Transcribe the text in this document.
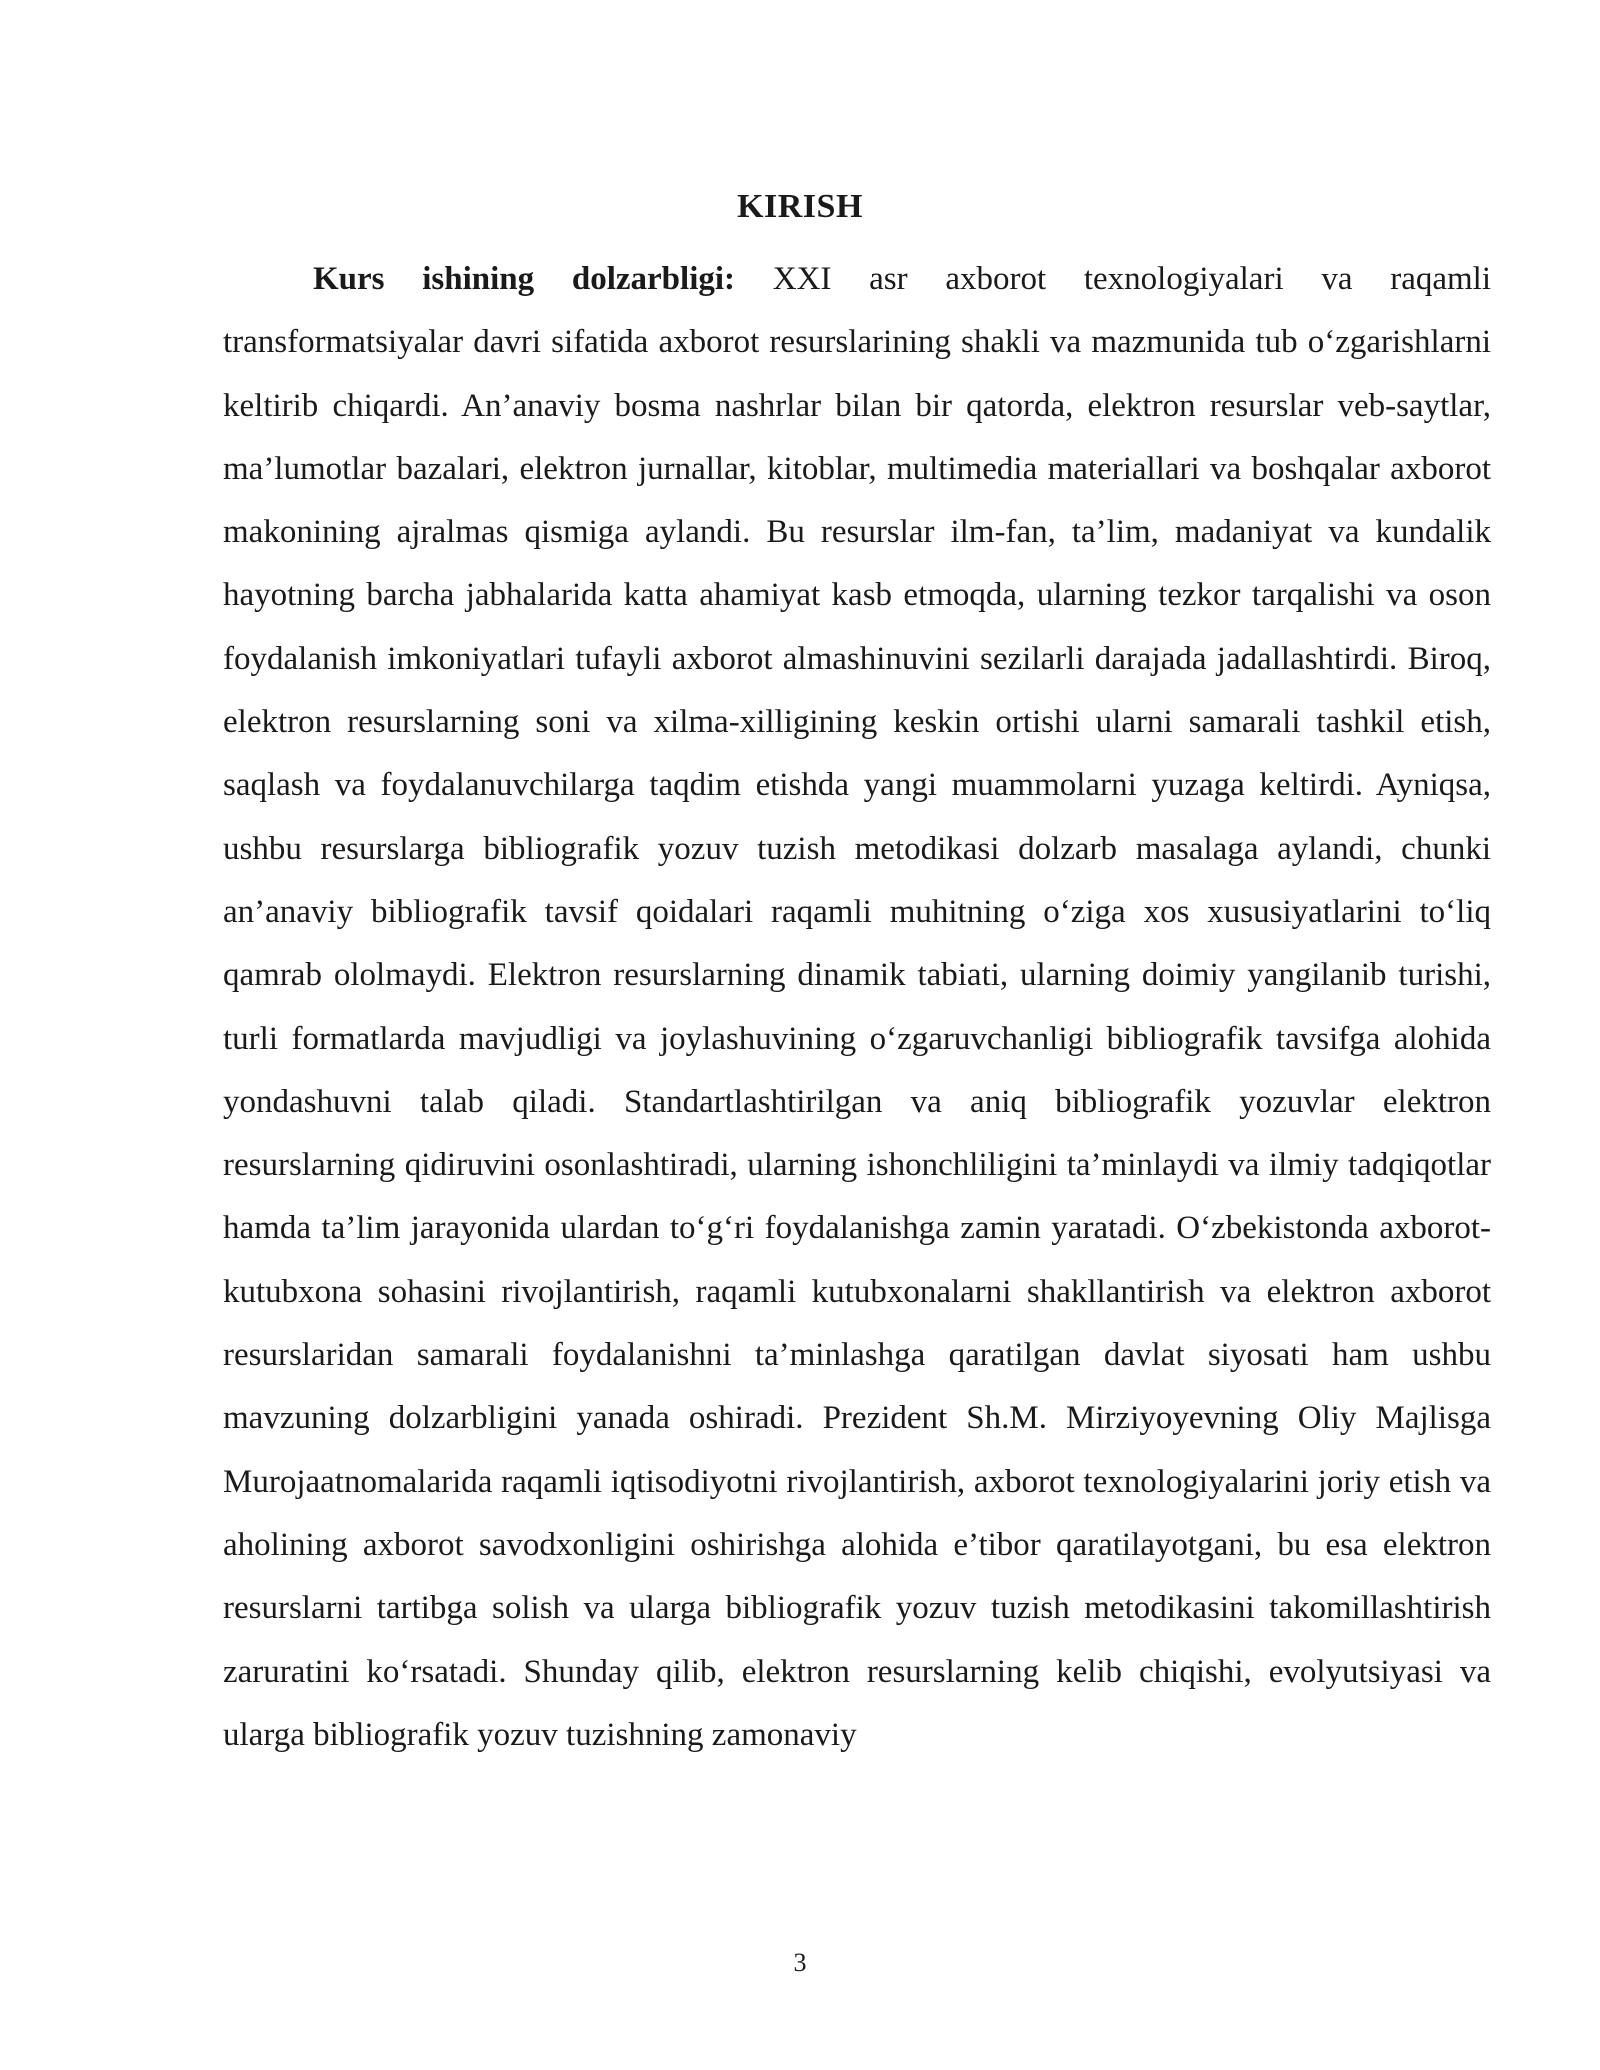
KIRISH

Kurs ishining dolzarbligi: XXI asr axborot texnologiyalari va raqamli transformatsiyalar davri sifatida axborot resurslarining shakli va mazmunida tub o‘zgarishlarni keltirib chiqardi. An’anaviy bosma nashrlar bilan bir qatorda, elektron resurslar veb-saytlar, ma’lumotlar bazalari, elektron jurnallar, kitoblar, multimedia materiallari va boshqalar axborot makonining ajralmas qismiga aylandi. Bu resurslar ilm-fan, ta’lim, madaniyat va kundalik hayotning barcha jabhalarida katta ahamiyat kasb etmoqda, ularning tezkor tarqalishi va oson foydalanish imkoniyatlari tufayli axborot almashinuvini sezilarli darajada jadallashtirdi. Biroq, elektron resurslarning soni va xilma-xilligining keskin ortishi ularni samarali tashkil etish, saqlash va foydalanuvchilarga taqdim etishda yangi muammolarni yuzaga keltirdi. Ayniqsa, ushbu resurslarga bibliografik yozuv tuzish metodikasi dolzarb masalaga aylandi, chunki an’anaviy bibliografik tavsif qoidalari raqamli muhitning o‘ziga xos xususiyatlarini to‘liq qamrab ololmaydi. Elektron resurslarning dinamik tabiati, ularning doimiy yangilanib turishi, turli formatlarda mavjudligi va joylashuvining o‘zgaruvchanligi bibliografik tavsifga alohida yondashuvni talab qiladi. Standartlashtirilgan va aniq bibliografik yozuvlar elektron resurslarning qidiruvini osonlashtiradi, ularning ishonchliligini ta’minlaydi va ilmiy tadqiqotlar hamda ta’lim jarayonida ulardan to‘g‘ri foydalanishga zamin yaratadi. O‘zbekistonda axborot-kutubxona sohasini rivojlantirish, raqamli kutubxonalarni shakllantirish va elektron axborot resurslaridan samarali foydalanishni ta’minlashga qaratilgan davlat siyosati ham ushbu mavzuning dolzarbligini yanada oshiradi. Prezident Sh.M. Mirziyoyevning Oliy Majlisga Murojaatnomalarida raqamli iqtisodiyotni rivojlantirish, axborot texnologiyalarini joriy etish va aholining axborot savodxonligini oshirishga alohida e’tibor qaratilayotgani, bu esa elektron resurslarni tartibga solish va ularga bibliografik yozuv tuzish metodikasini takomillashtirish zaruratini ko‘rsatadi. Shunday qilib, elektron resurslarning kelib chiqishi, evolyutsiyasi va ularga bibliografik yozuv tuzishning zamonaviy

3
